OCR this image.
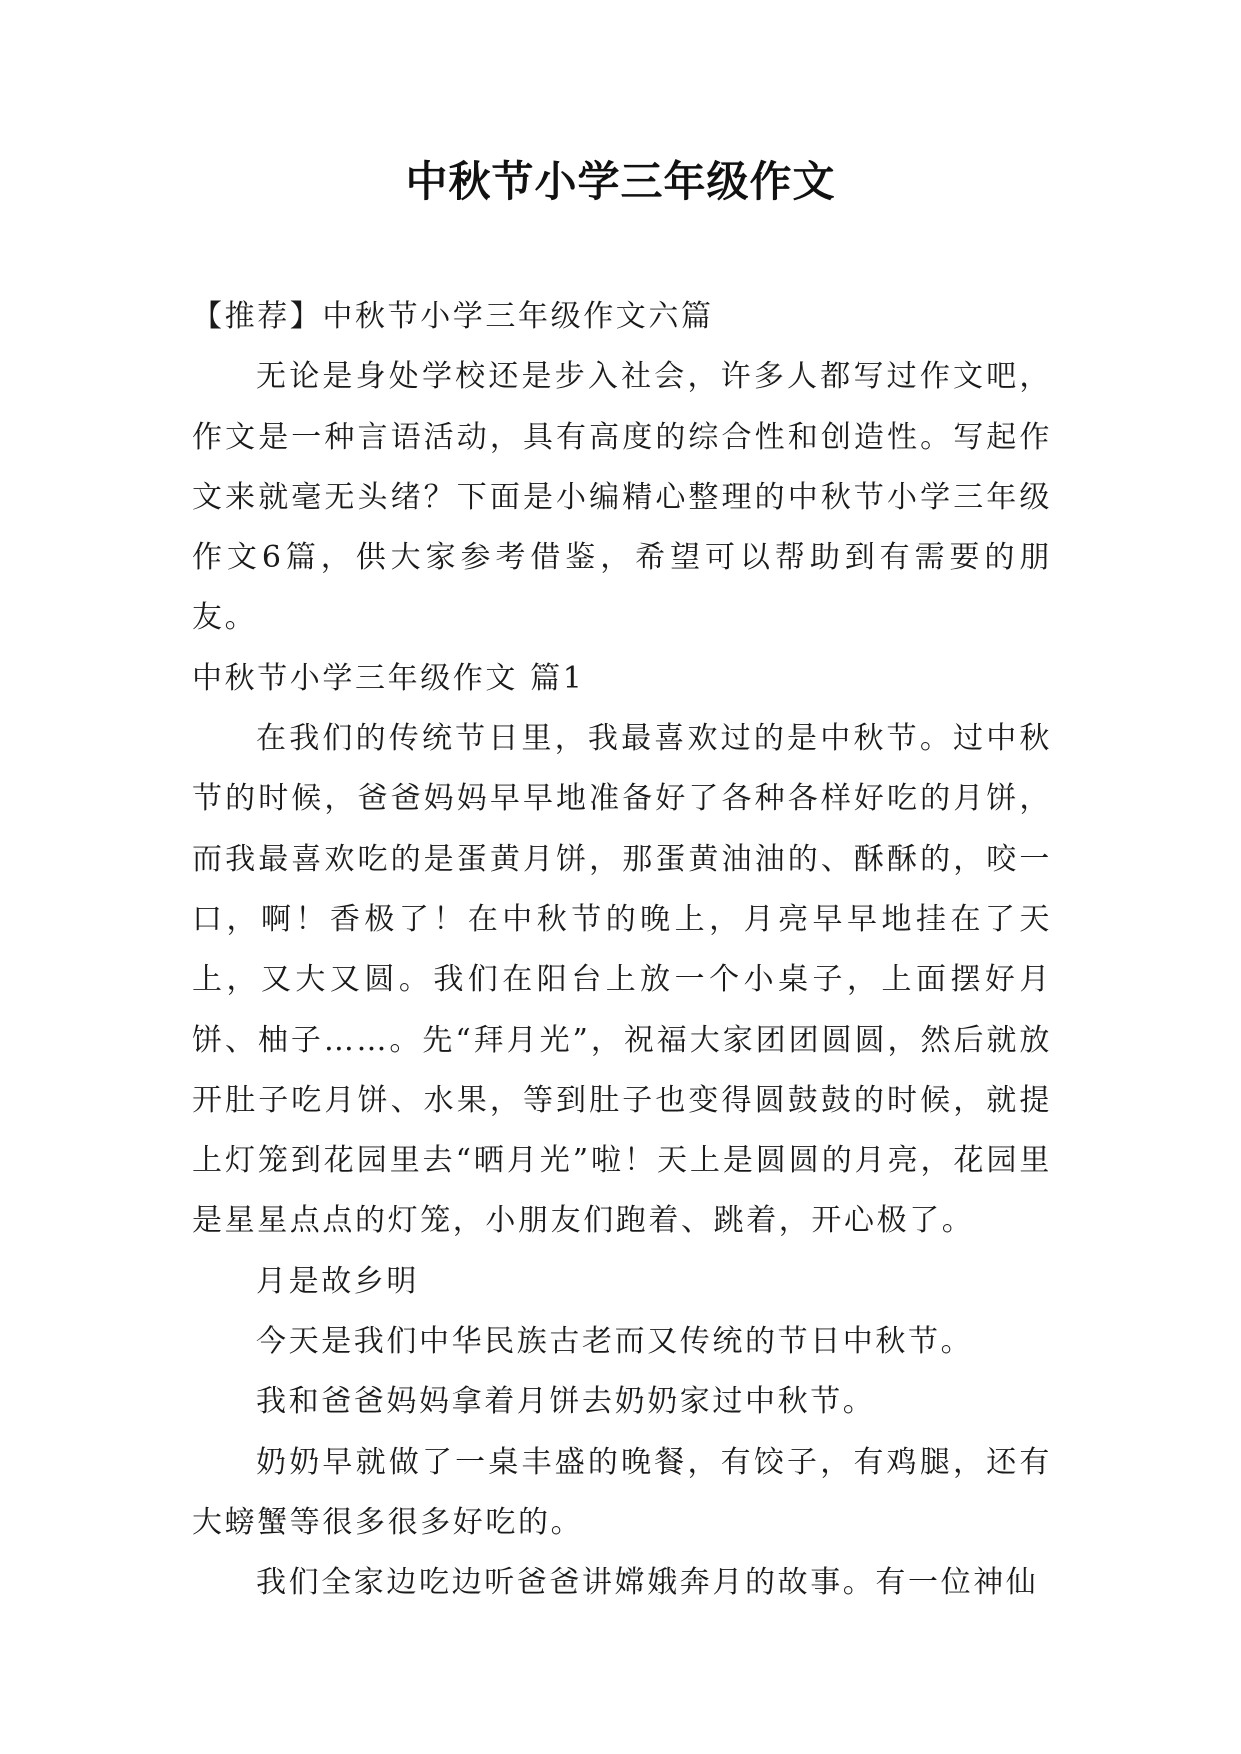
中秋节小学三年级作文

【推荐】中秋节小学三年级作文六篇

无论是身处学校还是步入社会，许多人都写过作文吧，作文是一种言语活动，具有高度的综合性和创造性。写起作文来就毫无头绪？下面是小编精心整理的中秋节小学三年级作文6篇，供大家参考借鉴，希望可以帮助到有需要的朋友。

中秋节小学三年级作文 篇1

在我们的传统节日里，我最喜欢过的是中秋节。过中秋节的时候，爸爸妈妈早早地准备好了各种各样好吃的月饼，而我最喜欢吃的是蛋黄月饼，那蛋黄油油的、酥酥的，咬一口，啊！香极了！在中秋节的晚上，月亮早早地挂在了天上，又大又圆。我们在阳台上放一个小桌子，上面摆好月饼、柚子……。先“拜月光”，祝福大家团团圆圆，然后就放开肚子吃月饼、水果，等到肚子也变得圆鼓鼓的时候，就提上灯笼到花园里去“晒月光”啦！天上是圆圆的月亮，花园里是星星点点的灯笼，小朋友们跑着、跳着，开心极了。

月是故乡明

今天是我们中华民族古老而又传统的节日中秋节。

我和爸爸妈妈拿着月饼去奶奶家过中秋节。

奶奶早就做了一桌丰盛的晚餐，有饺子，有鸡腿，还有大螃蟹等很多很多好吃的。

我们全家边吃边听爸爸讲嫦娥奔月的故事。有一位神仙
